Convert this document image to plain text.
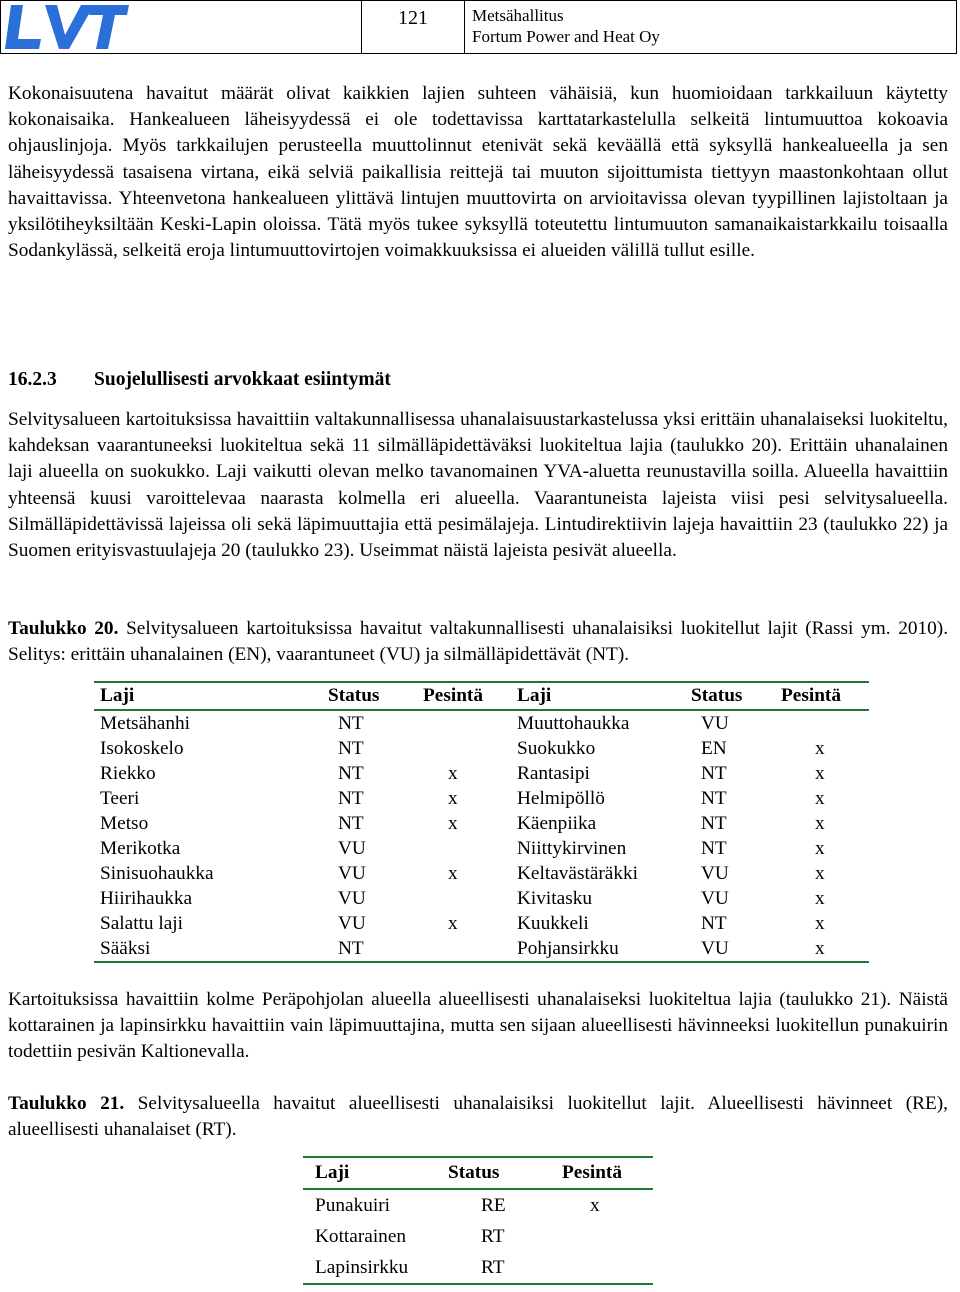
121	Metsähallitus
Fortum Power and Heat Oy

Kokonaisuutena havaitut määrät olivat kaikkien lajien suhteen vähäisiä, kun huomioidaan tarkkailuun käytetty kokonaisaika. Hankealueen läheisyydessä ei ole todettavissa karttatarkastelulla selkeitä lintumuuttoa kokoavia ohjauslinjoja. Myös tarkkailujen perusteella muuttolinnut etenivät sekä keväällä että syksyllä hankealueella ja sen läheisyydessä tasaisena virtana, eikä selviä paikallisia reittejä tai muuton sijoittumista tiettyyn maastonkohtaan ollut havaittavissa. Yhteenvetona hankealueen ylittävä lintujen muuttovirta on arvioitavissa olevan tyypillinen lajistoltaan ja yksilötiheyksiltään Keski-Lapin oloissa. Tätä myös tukee syksyllä toteutettu lintumuuton samanaikaistarkkailu toisaalla Sodankylässä, selkeitä eroja lintumuuttovirtojen voimakkuuksissa ei alueiden välillä tullut esille.

16.2.3 Suojelullisesti arvokkaat esiintymät

Selvitysalueen kartoituksissa havaittiin valtakunnallisessa uhanalaisuustarkastelussa yksi erittäin uhanalaiseksi luokiteltu, kahdeksan vaarantuneeksi luokiteltua sekä 11 silmälläpidettäväksi luokiteltua lajia (taulukko 20). Erittäin uhanalainen laji alueella on suokukko. Laji vaikutti olevan melko tavanomainen YVA-aluetta reunustavilla soilla. Alueella havaittiin yhteensä kuusi varoittelevaa naarasta kolmella eri alueella. Vaarantuneista lajeista viisi pesi selvitysalueella. Silmälläpidettävissä lajeissa oli sekä läpimuuttajia että pesimälajeja. Lintudirektiivin lajeja havaittiin 23 (taulukko 22) ja Suomen erityisvastuulajeja 20 (taulukko 23). Useimmat näistä lajeista pesivät alueella.

Taulukko 20. Selvitysalueen kartoituksissa havaitut valtakunnallisesti uhanalaisiksi luokitellut lajit (Rassi ym. 2010). Selitys: erittäin uhanalainen (EN), vaarantuneet (VU) ja silmälläpidettävät (NT).

Laji	Status	Pesintä	Laji	Status	Pesintä
Metsähanhi	NT		Muuttohaukka	VU	
Isokoskelo	NT		Suokukko	EN	x
Riekko	NT	x	Rantasipi	NT	x
Teeri	NT	x	Helmipöllö	NT	x
Metso	NT	x	Käenpiika	NT	x
Merikotka	VU		Niittykirvinen	NT	x
Sinisuohaukka	VU	x	Keltavästäräkki	VU	x
Hiirihaukka	VU		Kivitasku	VU	x
Salattu laji	VU	x	Kuukkeli	NT	x
Sääksi	NT		Pohjansirkku	VU	x

Kartoituksissa havaittiin kolme Peräpohjolan alueella alueellisesti uhanalaiseksi luokiteltua lajia (taulukko 21). Näistä kottarainen ja lapinsirkku havaittiin vain läpimuuttajina, mutta sen sijaan alueellisesti hävinneeksi luokitellun punakuirin todettiin pesivän Kaltionevalla.

Taulukko 21. Selvitysalueella havaitut alueellisesti uhanalaisiksi luokitellut lajit. Alueellisesti hävinneet (RE), alueellisesti uhanalaiset (RT).

Laji	Status	Pesintä
Punakuiri	RE	x
Kottarainen	RT	
Lapinsirkku	RT	
